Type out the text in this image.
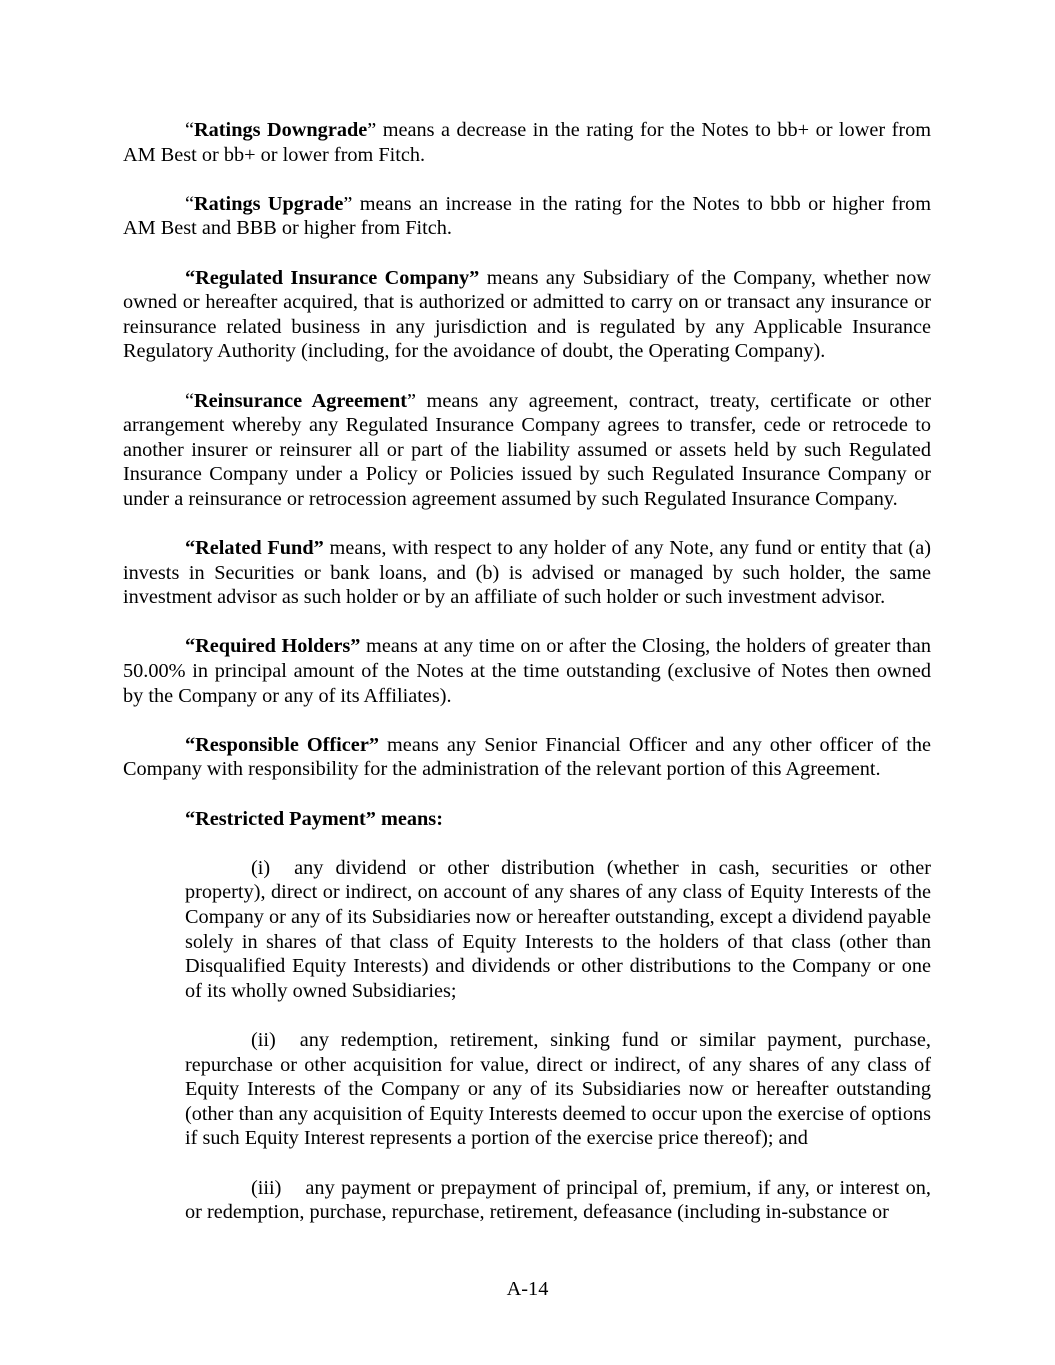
“Ratings Downgrade” means a decrease in the rating for the Notes to bb+ or lower from AM Best or bb+ or lower from Fitch.

“Ratings Upgrade” means an increase in the rating for the Notes to bbb or higher from AM Best and BBB or higher from Fitch.

“Regulated Insurance Company” means any Subsidiary of the Company, whether now owned or hereafter acquired, that is authorized or admitted to carry on or transact any insurance or reinsurance related business in any jurisdiction and is regulated by any Applicable Insurance Regulatory Authority (including, for the avoidance of doubt, the Operating Company).

“Reinsurance Agreement” means any agreement, contract, treaty, certificate or other arrangement whereby any Regulated Insurance Company agrees to transfer, cede or retrocede to another insurer or reinsurer all or part of the liability assumed or assets held by such Regulated Insurance Company under a Policy or Policies issued by such Regulated Insurance Company or under a reinsurance or retrocession agreement assumed by such Regulated Insurance Company.

“Related Fund” means, with respect to any holder of any Note, any fund or entity that (a) invests in Securities or bank loans, and (b) is advised or managed by such holder, the same investment advisor as such holder or by an affiliate of such holder or such investment advisor.

“Required Holders” means at any time on or after the Closing, the holders of greater than 50.00% in principal amount of the Notes at the time outstanding (exclusive of Notes then owned by the Company or any of its Affiliates).

“Responsible Officer” means any Senior Financial Officer and any other officer of the Company with responsibility for the administration of the relevant portion of this Agreement.

“Restricted Payment” means:

(i) any dividend or other distribution (whether in cash, securities or other property), direct or indirect, on account of any shares of any class of Equity Interests of the Company or any of its Subsidiaries now or hereafter outstanding, except a dividend payable solely in shares of that class of Equity Interests to the holders of that class (other than Disqualified Equity Interests) and dividends or other distributions to the Company or one of its wholly owned Subsidiaries;

(ii) any redemption, retirement, sinking fund or similar payment, purchase, repurchase or other acquisition for value, direct or indirect, of any shares of any class of Equity Interests of the Company or any of its Subsidiaries now or hereafter outstanding (other than any acquisition of Equity Interests deemed to occur upon the exercise of options if such Equity Interest represents a portion of the exercise price thereof); and

(iii) any payment or prepayment of principal of, premium, if any, or interest on, or redemption, purchase, repurchase, retirement, defeasance (including in-substance or

A-14
